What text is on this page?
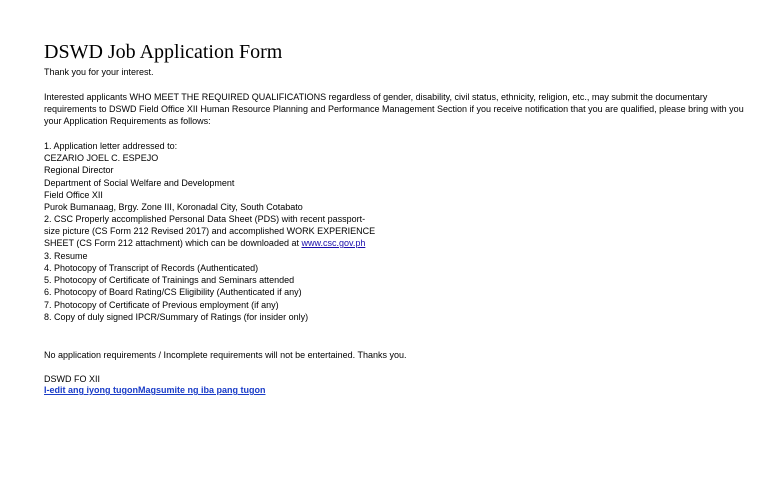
DSWD Job Application Form
Thank you for your interest.
Interested applicants WHO MEET THE REQUIRED QUALIFICATIONS regardless of gender, disability, civil status, ethnicity, religion, etc., may submit the documentary
requirements to DSWD Field Office XII Human Resource Planning and Performance Management Section if you receive notification that you are qualified, please bring with you
your Application Requirements as follows:
1. Application letter addressed to:
CEZARIO JOEL C. ESPEJO
Regional Director
Department of Social Welfare and Development
Field Office XII
Purok Bumanaag, Brgy. Zone III, Koronadal City, South Cotabato
2. CSC Properly accomplished Personal Data Sheet (PDS) with recent passport-
size picture (CS Form 212 Revised 2017) and accomplished WORK EXPERIENCE
SHEET (CS Form 212 attachment) which can be downloaded at www.csc.gov.ph
3. Resume
4. Photocopy of Transcript of Records (Authenticated)
5. Photocopy of Certificate of Trainings and Seminars attended
6. Photocopy of Board Rating/CS Eligibility (Authenticated if any)
7. Photocopy of Certificate of Previous employment (if any)
8. Copy of duly signed IPCR/Summary of Ratings (for insider only)
No application requirements / Incomplete requirements will not be entertained. Thanks you.
DSWD FO XII
I-edit ang iyong tugonMagsumite ng iba pang tugon
